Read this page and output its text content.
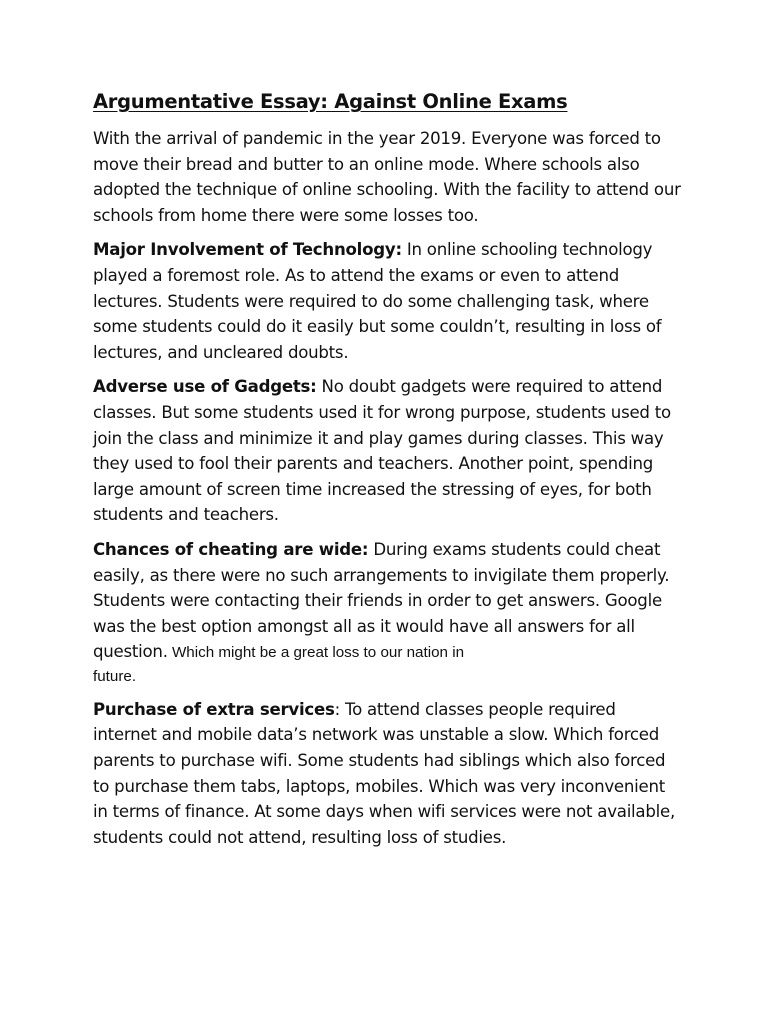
Argumentative Essay: Against Online Exams

With the arrival of pandemic in the year 2019. Everyone was forced to move their bread and butter to an online mode. Where schools also adopted the technique of online schooling. With the facility to attend our schools from home there were some losses too.

Major Involvement of Technology: In online schooling technology played a foremost role. As to attend the exams or even to attend lectures. Students were required to do some challenging task, where some students could do it easily but some couldn’t, resulting in loss of lectures, and uncleared doubts.

Adverse use of Gadgets: No doubt gadgets were required to attend classes. But some students used it for wrong purpose, students used to join the class and minimize it and play games during classes. This way they used to fool their parents and teachers. Another point, spending large amount of screen time increased the stressing of eyes, for both students and teachers.

Chances of cheating are wide: During exams students could cheat easily, as there were no such arrangements to invigilate them properly. Students were contacting their friends in order to get answers. Google was the best option amongst all as it would have all answers for all question. Which might be a great loss to our nation in
future.

Purchase of extra services: To attend classes people required internet and mobile data’s network was unstable a slow. Which forced parents to purchase wifi. Some students had siblings which also forced to purchase them tabs, laptops, mobiles. Which was very inconvenient in terms of finance. At some days when wifi services were not available, students could not attend, resulting loss of studies.
